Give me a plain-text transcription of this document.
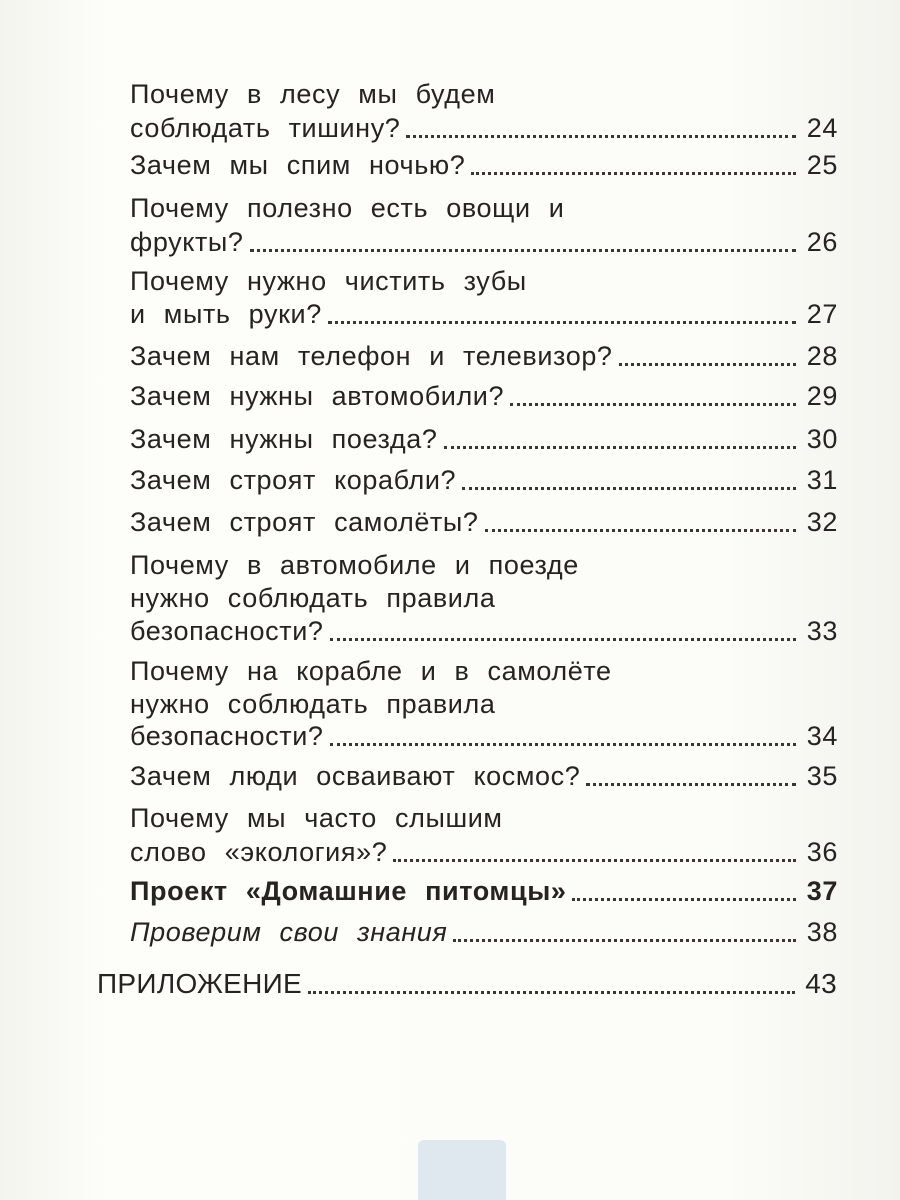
Почему в лесу мы будем
соблюдать тишину?	24
Зачем мы спим ночью?	25
Почему полезно есть овощи и
фрукты?	26
Почему нужно чистить зубы
и мыть руки?	27
Зачем нам телефон и телевизор?	28
Зачем нужны автомобили?	29
Зачем нужны поезда?	30
Зачем строят корабли?	31
Зачем строят самолёты?	32
Почему в автомобиле и поезде
нужно соблюдать правила
безопасности?	33
Почему на корабле и в самолёте
нужно соблюдать правила
безопасности?	34
Зачем люди осваивают космос?	35
Почему мы часто слышим
слово «экология»?	36
Проект «Домашние питомцы»	37
Проверим свои знания	38
ПРИЛОЖЕНИЕ	43
